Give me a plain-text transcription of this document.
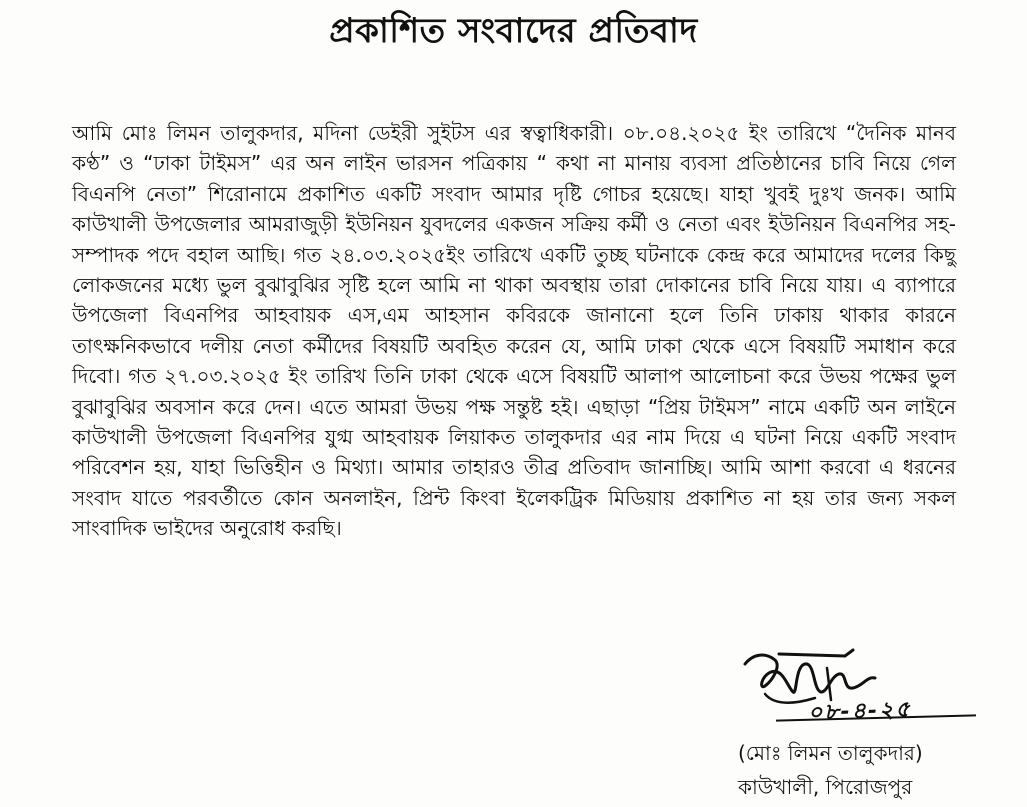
প্রকাশিত সংবাদের প্রতিবাদ

আমি মোঃ লিমন তালুকদার, মদিনা ডেইরী সুইটস এর স্বত্বাধিকারী। ০৮.০৪.২০২৫ ইং তারিখে “দৈনিক মানব কণ্ঠ” ও “ঢাকা টাইমস” এর অন লাইন ভারসন পত্রিকায় “ কথা না মানায় ব্যবসা প্রতিষ্ঠানের চাবি নিয়ে গেল বিএনপি নেতা” শিরোনামে প্রকাশিত একটি সংবাদ আমার দৃষ্টি গোচর হয়েছে। যাহা খুবই দুঃখ জনক। আমি কাউখালী উপজেলার আমরাজুড়ী ইউনিয়ন যুবদলের একজন সক্রিয় কর্মী ও নেতা এবং ইউনিয়ন বিএনপির সহ-সম্পাদক পদে বহাল আছি। গত ২৪.০৩.২০২৫ইং তারিখে একটি তুচ্ছ ঘটনাকে কেন্দ্র করে আমাদের দলের কিছু লোকজনের মধ্যে ভুল বুঝাবুঝির সৃষ্টি হলে আমি না থাকা অবস্থায় তারা দোকানের চাবি নিয়ে যায়। এ ব্যাপারে উপজেলা বিএনপির আহবায়ক এস,এম আহসান কবিরকে জানানো হলে তিনি ঢাকায় থাকার কারনে তাৎক্ষনিকভাবে দলীয় নেতা কর্মীদের বিষয়টি অবহিত করেন যে, আমি ঢাকা থেকে এসে বিষয়টি সমাধান করে দিবো। গত ২৭.০৩.২০২৫ ইং তারিখ তিনি ঢাকা থেকে এসে বিষয়টি আলাপ আলোচনা করে উভয় পক্ষের ভুল বুঝাবুঝির অবসান করে দেন। এতে আমরা উভয় পক্ষ সন্তুষ্ট হই। এছাড়া “প্রিয় টাইমস” নামে একটি অন লাইনে কাউখালী উপজেলা বিএনপির যুগ্ম আহবায়ক লিয়াকত তালুকদার এর নাম দিয়ে এ ঘটনা নিয়ে একটি সংবাদ পরিবেশন হয়, যাহা ভিত্তিহীন ও মিথ্যা। আমার তাহারও তীব্র প্রতিবাদ জানাচ্ছি। আমি আশা করবো এ ধরনের সংবাদ যাতে পরবর্তীতে কোন অনলাইন, প্রিন্ট কিংবা ইলেকট্রিক মিডিয়ায় প্রকাশিত না হয় তার জন্য সকল সাংবাদিক ভাইদের অনুরোধ করছি।

০৮-৪-২৫
(মোঃ লিমন তালুকদার)
কাউখালী, পিরোজপুর
